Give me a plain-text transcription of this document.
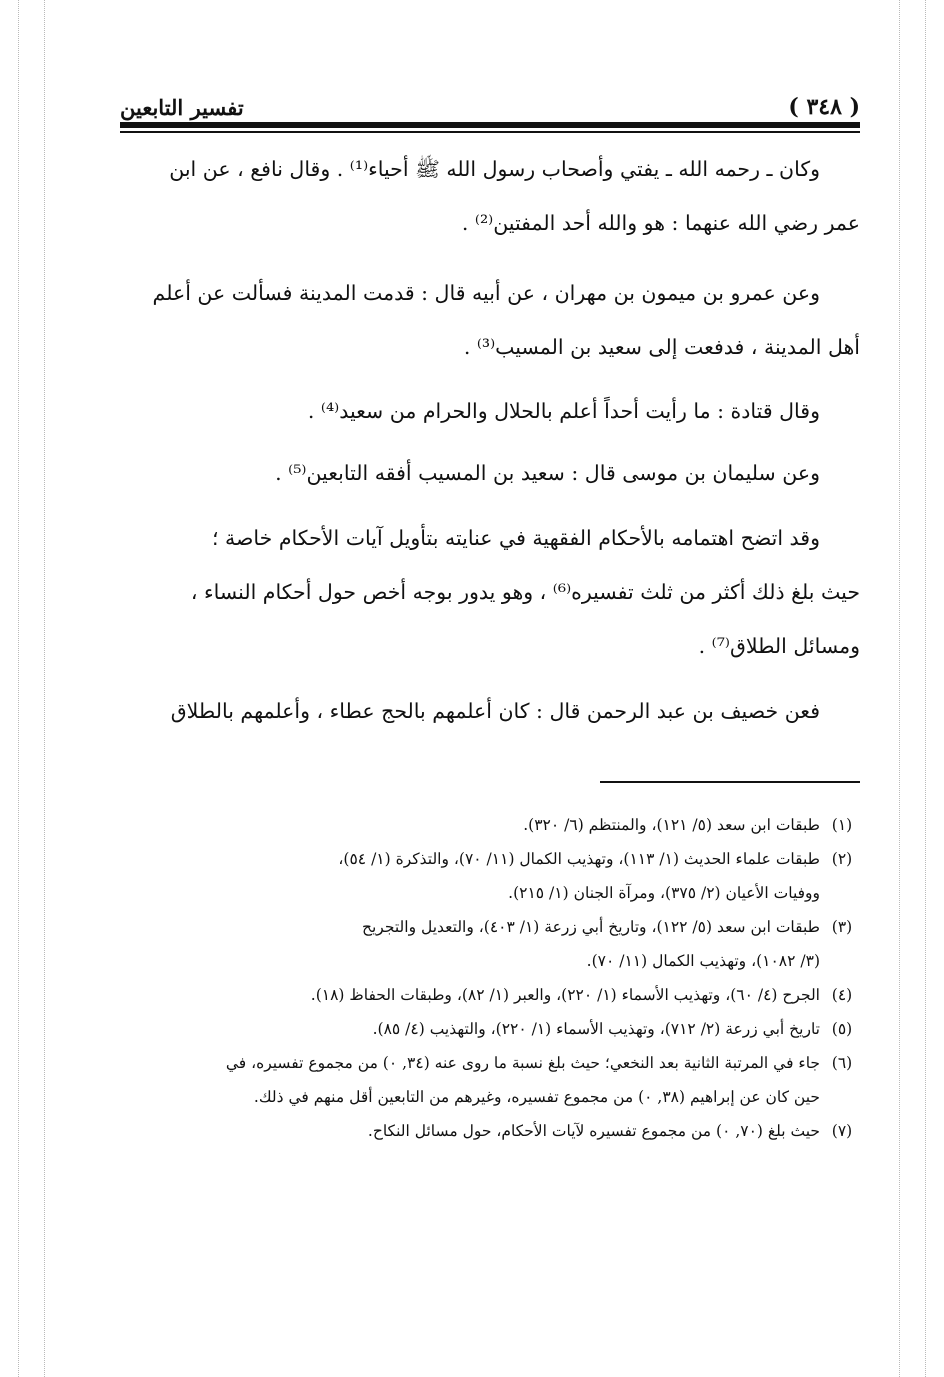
( ٣٤٨ )
تفسير التابعين
وكان ـ رحمه الله ـ يفتي وأصحاب رسول الله ﷺ أحياء⁽¹⁾ . وقال نافع ، عن ابن
عمر رضي الله عنهما : هو والله أحد المفتين⁽²⁾ .
وعن عمرو بن ميمون بن مهران ، عن أبيه قال : قدمت المدينة فسألت عن أعلم
أهل المدينة ، فدفعت إلى سعيد بن المسيب⁽³⁾ .
وقال قتادة : ما رأيت أحداً أعلم بالحلال والحرام من سعيد⁽⁴⁾ .
وعن سليمان بن موسى قال : سعيد بن المسيب أفقه التابعين⁽⁵⁾ .
وقد اتضح اهتمامه بالأحكام الفقهية في عنايته بتأويل آيات الأحكام خاصة ؛
حيث بلغ ذلك أكثر من ثلث تفسيره⁽⁶⁾ ، وهو يدور بوجه أخص حول أحكام النساء ،
ومسائل الطلاق⁽⁷⁾ .
فعن خصيف بن عبد الرحمن قال : كان أعلمهم بالحج عطاء ، وأعلمهم بالطلاق
(١)
طبقات ابن سعد (٥/ ١٢١)، والمنتظم (٦/ ٣٢٠).
(٢)
طبقات علماء الحديث (١/ ١١٣)، وتهذيب الكمال (١١/ ٧٠)، والتذكرة (١/ ٥٤)،
ووفيات الأعيان (٢/ ٣٧٥)، ومرآة الجنان (١/ ٢١٥).
(٣)
طبقات ابن سعد (٥/ ١٢٢)، وتاريخ أبي زرعة (١/ ٤٠٣)، والتعديل والتجريح
(٣/ ١٠٨٢)، وتهذيب الكمال (١١/ ٧٠).
(٤)
الجرح (٤/ ٦٠)، وتهذيب الأسماء (١/ ٢٢٠)، والعبر (١/ ٨٢)، وطبقات الحفاظ (١٨).
(٥)
تاريخ أبي زرعة (٢/ ٧١٢)، وتهذيب الأسماء (١/ ٢٢٠)، والتهذيب (٤/ ٨٥).
(٦)
جاء في المرتبة الثانية بعد النخعي؛ حيث بلغ نسبة ما روى عنه (٣٤, ٠) من مجموع تفسيره، في
حين كان عن إبراهيم (٣٨, ٠) من مجموع تفسيره، وغيرهم من التابعين أقل منهم في ذلك.
(٧)
حيث بلغ (٧٠, ٠) من مجموع تفسيره لآيات الأحكام، حول مسائل النكاح.
